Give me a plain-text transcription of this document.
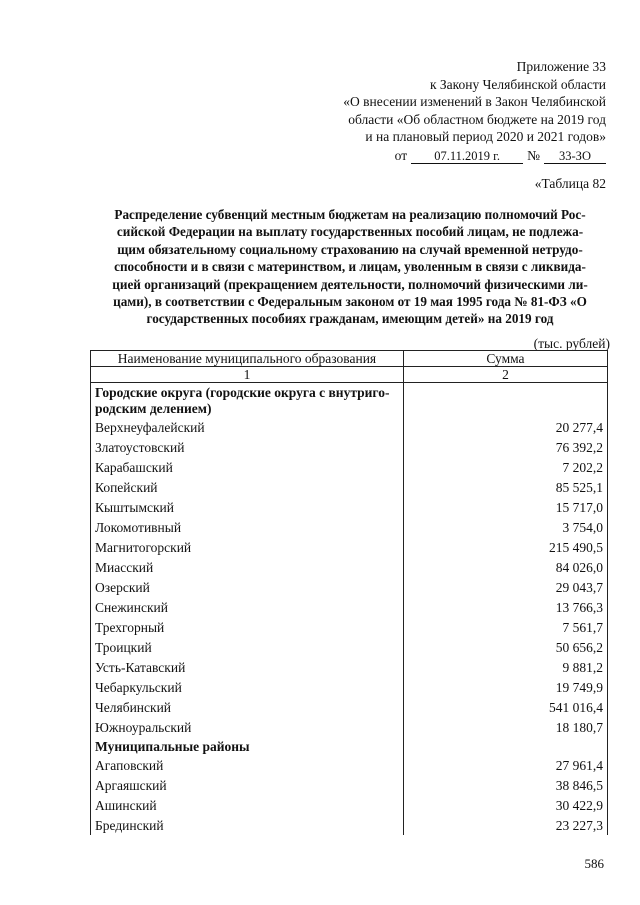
Приложение 33
к Закону Челябинской области
«О внесении изменений в Закон Челябинской
области «Об областном бюджете на 2019 год
и на плановый период 2020 и 2021 годов»
от	07.11.2019 г.	№	33-ЗО
«Таблица 82
Распределение субвенций местным бюджетам на реализацию полномочий Рос-
сийской Федерации на выплату государственных пособий лицам, не подлежа-
щим обязательному социальному страхованию на случай временной нетрудо-
способности и в связи с материнством, и лицам, уволенным в связи с ликвида-
цией организаций (прекращением деятельности, полномочий физическими ли-
цами), в соответствии с Федеральным законом от 19 мая 1995 года № 81-ФЗ «О
государственных пособиях гражданам, имеющим детей» на 2019 год
(тыс. рублей)
Наименование муниципального образования	Сумма
1	2

Городские округа (городские округа с внутриго-
родским делением)	

Верхнеуфалейский	20 277,4
Златоустовский	76 392,2
Карабашский	7 202,2
Копейский	85 525,1
Кыштымский	15 717,0
Локомотивный	3 754,0
Магнитогорский	215 490,5
Миасский	84 026,0
Озерский	29 043,7
Снежинский	13 766,3
Трехгорный	7 561,7
Троицкий	50 656,2
Усть-Катавский	9 881,2
Чебаркульский	19 749,9
Челябинский	541 016,4
Южноуральский	18 180,7
Муниципальные районы	
Агаповский	27 961,4
Аргаяшский	38 846,5
Ашинский	30 422,9
Брединский	23 227,3
586
